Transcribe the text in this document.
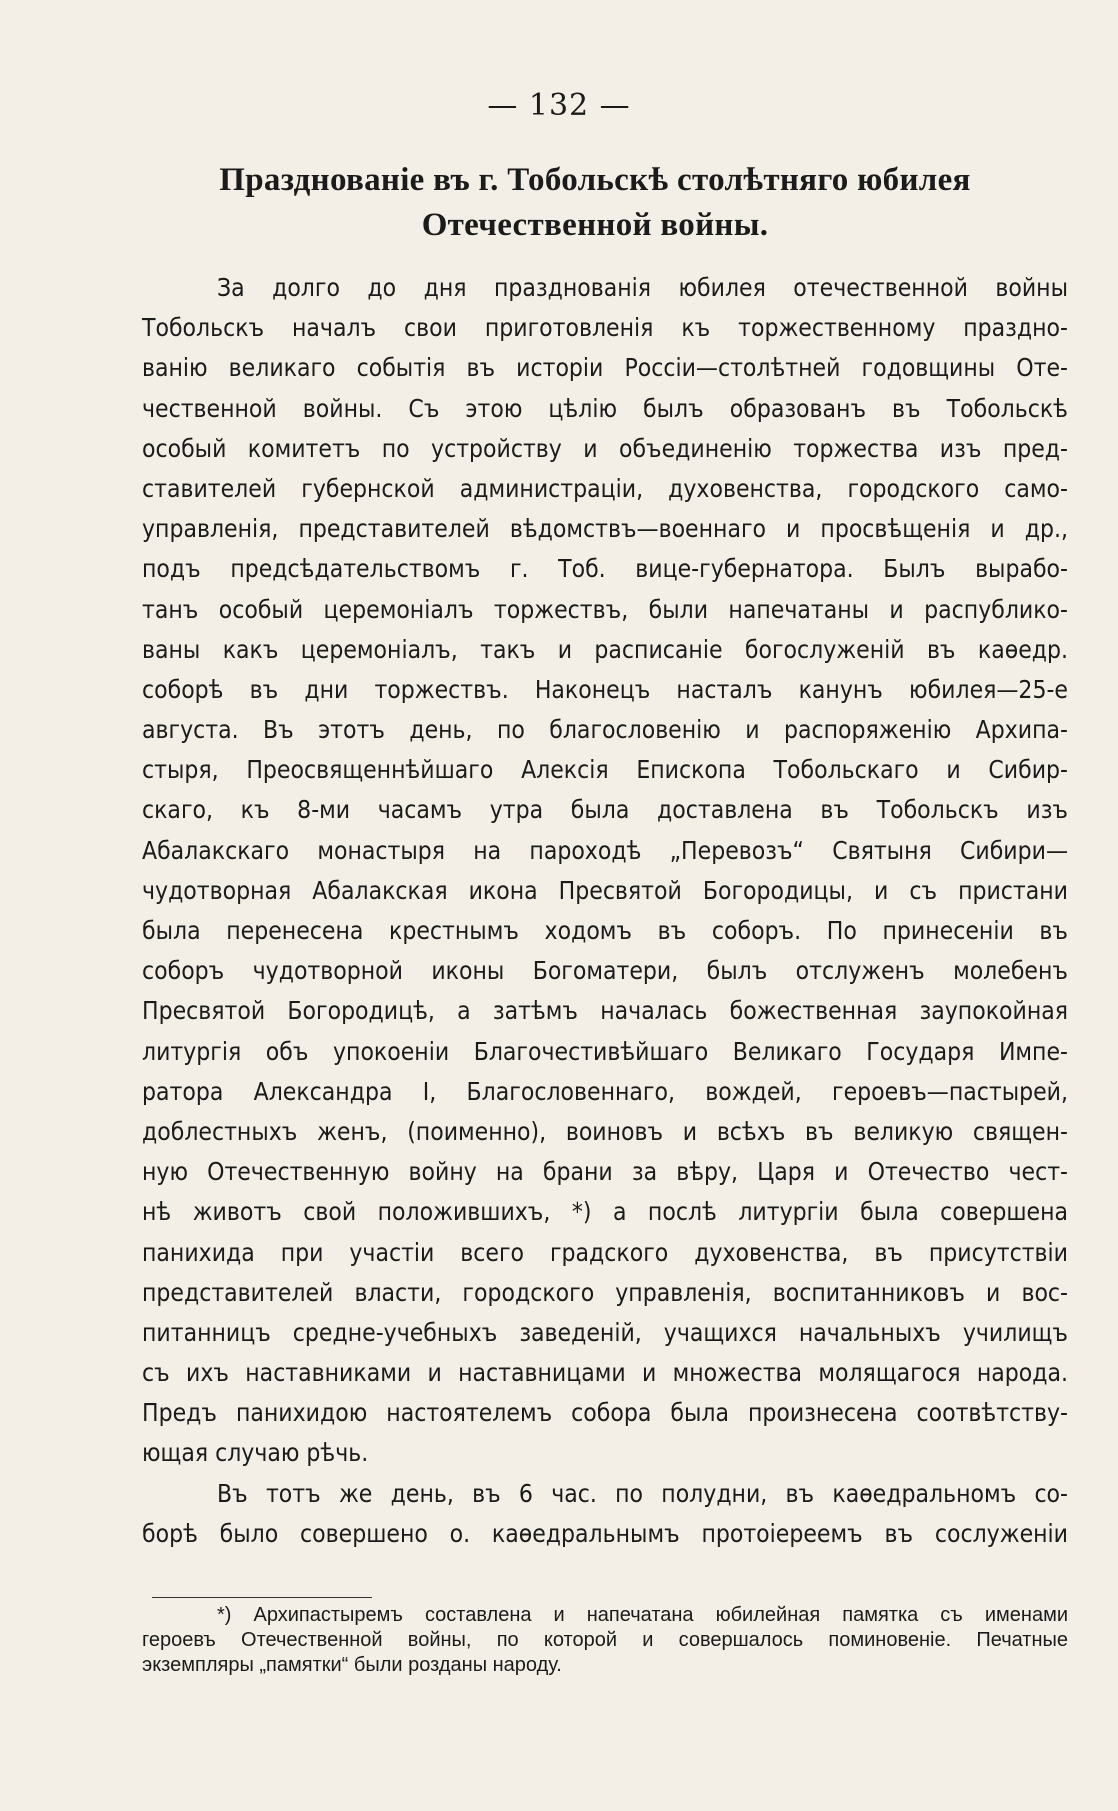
— 132 —
Празднованіе въ г. Тобольскѣ столѣтняго юбилея
Отечественной войны.
За долго до дня празднованія юбилея отечественной войны
Тобольскъ началъ свои приготовленія къ торжественному праздно-
ванію великаго событія въ исторіи Россіи—столѣтней годовщины Оте-
чественной войны. Съ этою цѣлію былъ образованъ въ Тобольскѣ
особый комитетъ по устройству и объединенію торжества изъ пред-
ставителей губернской администраціи, духовенства, городского само-
управленія, представителей вѣдомствъ—военнаго и просвѣщенія и др.,
подъ предсѣдательствомъ г. Тоб. вице-губернатора. Былъ вырабо-
танъ особый церемоніалъ торжествъ, были напечатаны и распублико-
ваны какъ церемоніалъ, такъ и расписаніе богослуженій въ каѳедр.
соборѣ въ дни торжествъ. Наконецъ насталъ канунъ юбилея—25-е
августа. Въ этотъ день, по благословенію и распоряженію Архипа-
стыря, Преосвященнѣйшаго Алексія Епископа Тобольскаго и Сибир-
скаго, къ 8-ми часамъ утра была доставлена въ Тобольскъ изъ
Абалакскаго монастыря на пароходѣ „Перевозъ“ Святыня Сибири—
чудотворная Абалакская икона Пресвятой Богородицы, и съ пристани
была перенесена крестнымъ ходомъ въ соборъ. По принесеніи въ
соборъ чудотворной иконы Богоматери, былъ отслуженъ молебенъ
Пресвятой Богородицѣ, а затѣмъ началась божественная заупокойная
литургія объ упокоеніи Благочестивѣйшаго Великаго Государя Импе-
ратора Александра I, Благословеннаго, вождей, героевъ—пастырей,
доблестныхъ женъ, (поименно), воиновъ и всѣхъ въ великую священ-
ную Отечественную войну на брани за вѣру, Царя и Отечество чест-
нѣ животъ свой положившихъ, *) а послѣ литургіи была совершена
панихида при участіи всего градского духовенства, въ присутствіи
представителей власти, городского управленія, воспитанниковъ и вос-
питанницъ средне-учебныхъ заведеній, учащихся начальныхъ училищъ
съ ихъ наставниками и наставницами и множества молящагося народа.
Предъ панихидою настоятелемъ собора была произнесена соотвѣтству-
ющая случаю рѣчь.
Въ тотъ же день, въ 6 час. по полудни, въ каѳедральномъ со-
борѣ было совершено о. каѳедральнымъ протоіереемъ въ сослуженіи
*) Архипастыремъ составлена и напечатана юбилейная памятка съ именами
героевъ Отечественной войны, по которой и совершалось поминовеніе. Печатные
экземпляры „памятки“ были розданы народу.
